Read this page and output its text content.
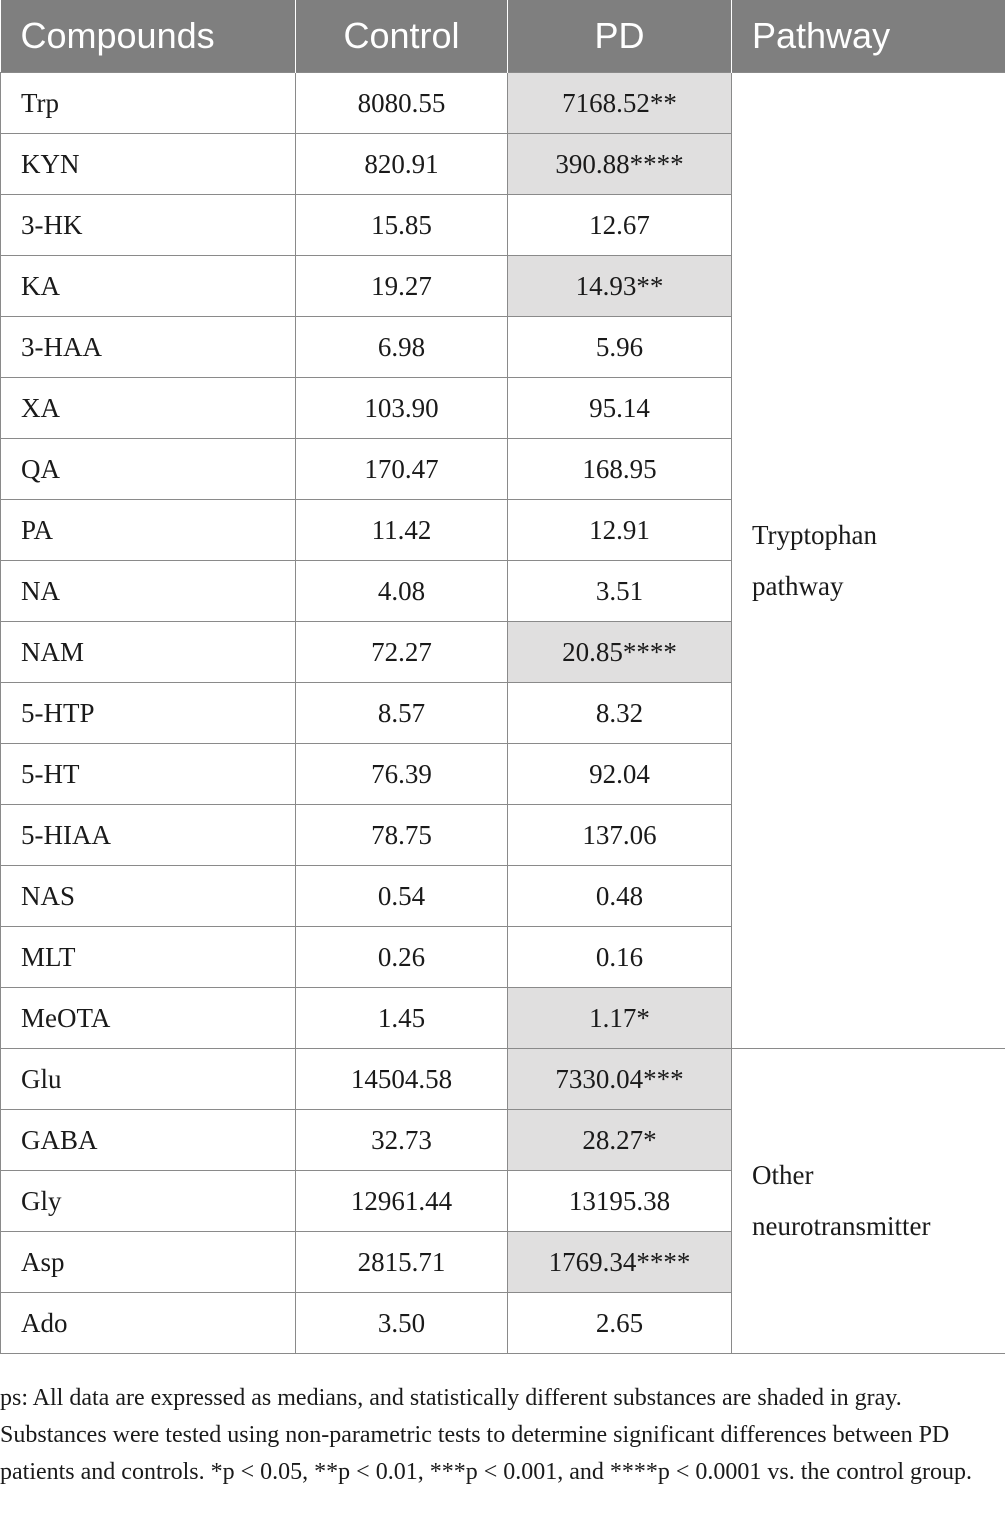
Compounds	Control	PD	Pathway
Trp	8080.55	7168.52**	Tryptophan
pathway
KYN	820.91	390.88****	
3-HK	15.85	12.67	
KA	19.27	14.93**	
3-HAA	6.98	5.96	
XA	103.90	95.14	
QA	170.47	168.95	
PA	11.42	12.91	
NA	4.08	3.51	
NAM	72.27	20.85****	
5-HTP	8.57	8.32	
5-HT	76.39	92.04	
5-HIAA	78.75	137.06	
NAS	0.54	0.48	
MLT	0.26	0.16	
MeOTA	1.45	1.17*	
Glu	14504.58	7330.04***	Other
neurotransmitter
GABA	32.73	28.27*	
Gly	12961.44	13195.38	
Asp	2815.71	1769.34****	
Ado	3.50	2.65	

ps: All data are expressed as medians, and statistically different substances are shaded in gray. Substances were tested using non-parametric tests to determine significant differences between PD patients and controls. *p < 0.05, **p < 0.01, ***p < 0.001, and ****p < 0.0001 vs. the control group.
